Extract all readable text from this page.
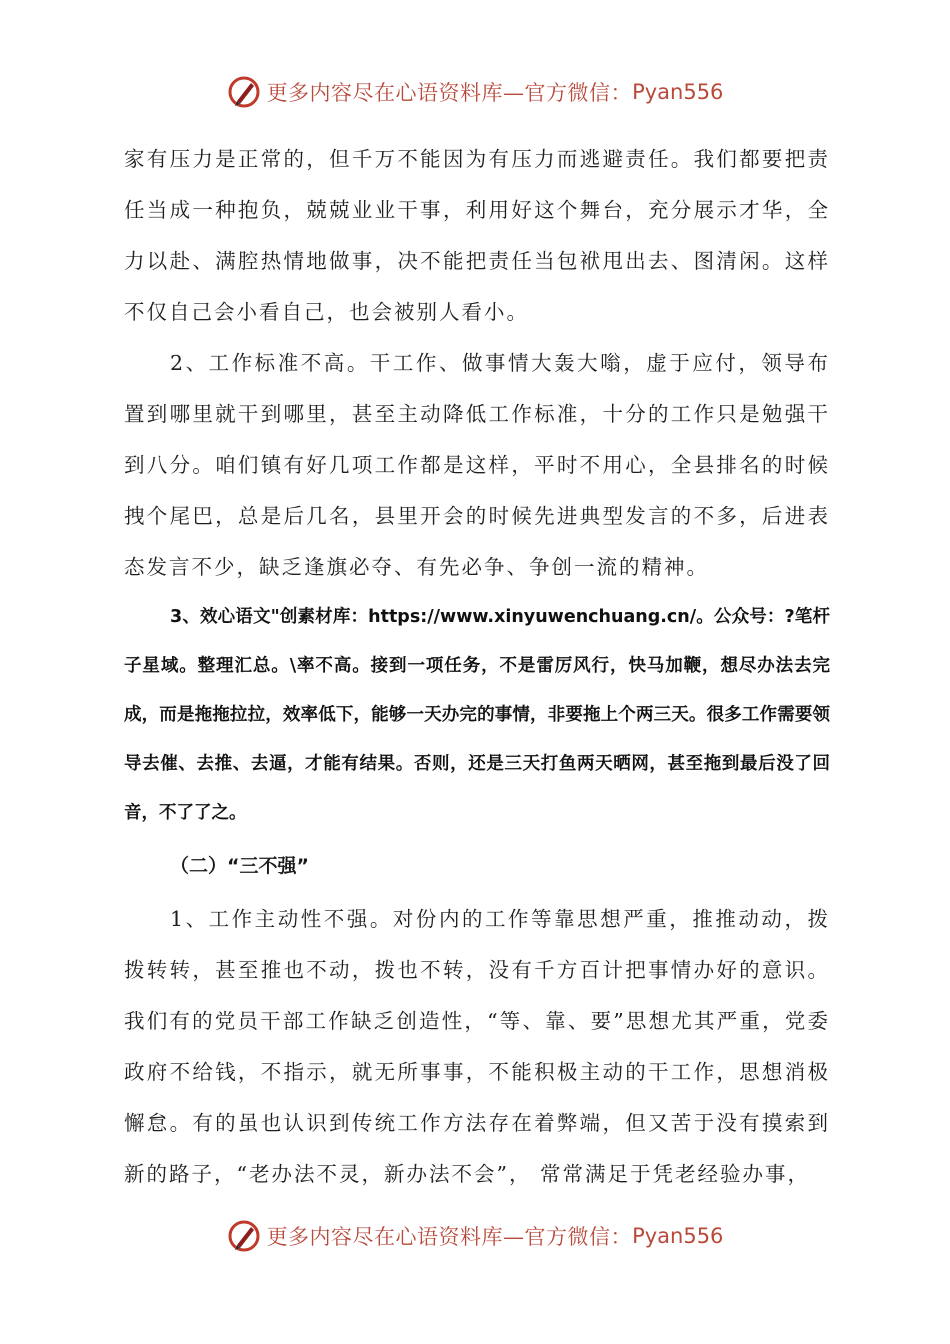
更多内容尽在心语资料库—官方微信： Pyan556

家有压力是正常的，但千万不能因为有压力而逃避责任。我们都要把责任当成一种抱负，兢兢业业干事，利用好这个舞台，充分展示才华，全力以赴、满腔热情地做事，决不能把责任当包袱甩出去、图清闲。这样不仅自己会小看自己，也会被别人看小。

2、工作标准不高。干工作、做事情大轰大嗡，虚于应付，领导布置到哪里就干到哪里，甚至主动降低工作标准，十分的工作只是勉强干到八分。咱们镇有好几项工作都是这样，平时不用心，全县排名的时候拽个尾巴，总是后几名，县里开会的时候先进典型发言的不多，后进表态发言不少，缺乏逢旗必夺、有先必争、争创一流的精神。

3、效心语文"创素材库：https://www.xinyuwenchuang.cn/。公众号：?笔杆子星域。整理汇总。\率不高。接到一项任务，不是雷厉风行，快马加鞭，想尽办法去完成，而是拖拖拉拉，效率低下，能够一天办完的事情，非要拖上个两三天。很多工作需要领导去催、去推、去逼，才能有结果。否则，还是三天打鱼两天晒网，甚至拖到最后没了回音，不了了之。

（二）“三不强”

1、工作主动性不强。对份内的工作等靠思想严重，推推动动，拨拨转转，甚至推也不动，拨也不转，没有千方百计把事情办好的意识。我们有的党员干部工作缺乏创造性，“等、靠、要”思想尤其严重，党委政府不给钱，不指示，就无所事事，不能积极主动的干工作，思想消极懈怠。有的虽也认识到传统工作方法存在着弊端，但又苦于没有摸索到新的路子，“老办法不灵，新办法不会”， 常常满足于凭老经验办事，

更多内容尽在心语资料库—官方微信： Pyan556
